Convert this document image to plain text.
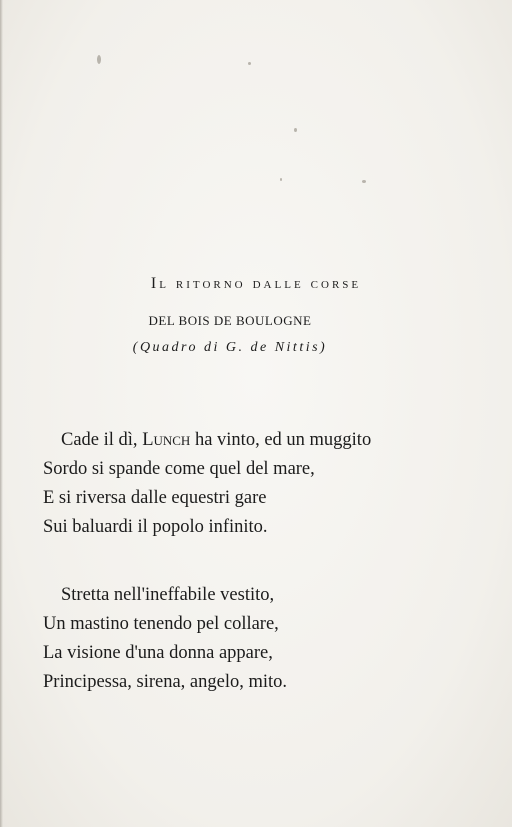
Il ritorno dalle corse

DEL BOIS DE BOULOGNE

(Quadro di G. de Nittis)

Cade il dì, Lunch ha vinto, ed un muggito
Sordo si spande come quel del mare,
E si riversa dalle equestri gare
Sui baluardi il popolo infinito.
Stretta nell'ineffabile vestito,
Un mastino tenendo pel collare,
La visione d'una donna appare,
Principessa, sirena, angelo, mito.
